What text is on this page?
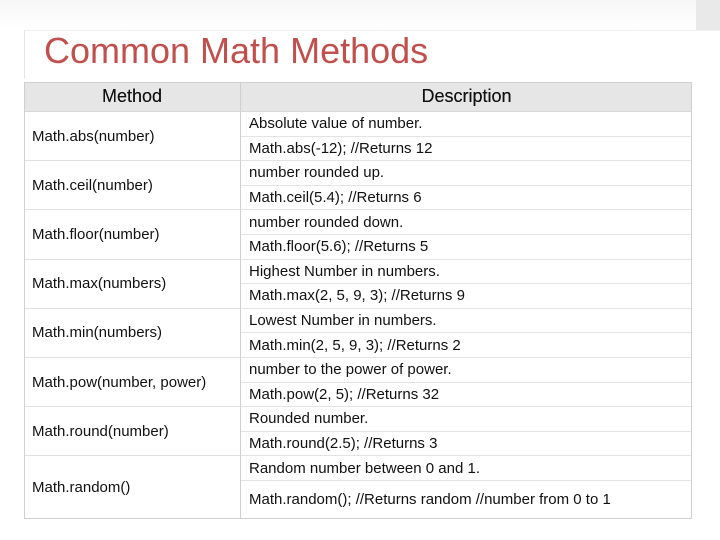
Common Math Methods
Method	Description
Math.abs(number)
Absolute value of number.
Math.abs(-12); //Returns 12
Math.ceil(number)
number rounded up.
Math.ceil(5.4); //Returns 6
Math.floor(number)
number rounded down.
Math.floor(5.6); //Returns 5
Math.max(numbers)
Highest Number in numbers.
Math.max(2, 5, 9, 3); //Returns 9
Math.min(numbers)
Lowest Number in numbers.
Math.min(2, 5, 9, 3); //Returns 2
Math.pow(number, power)
number to the power of power.
Math.pow(2, 5); //Returns 32
Math.round(number)
Rounded number.
Math.round(2.5); //Returns 3
Math.random()
Random number between 0 and 1.
Math.random(); //Returns random //number from 0 to 1
